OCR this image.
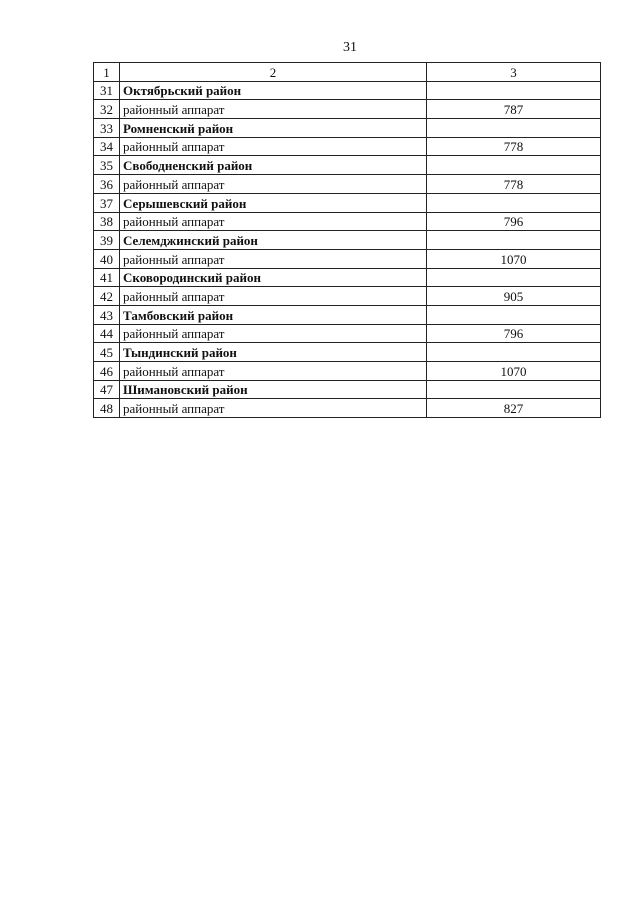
31
1	2	3
31	Октябрьский район	
32	районный аппарат	787
33	Ромненский район	
34	районный аппарат	778
35	Свободненский район	
36	районный аппарат	778
37	Серышевский район	
38	районный аппарат	796
39	Селемджинский район	
40	районный аппарат	1070
41	Сковородинский район	
42	районный аппарат	905
43	Тамбовский район	
44	районный аппарат	796
45	Тындинский район	
46	районный аппарат	1070
47	Шимановский район	
48	районный аппарат	827
